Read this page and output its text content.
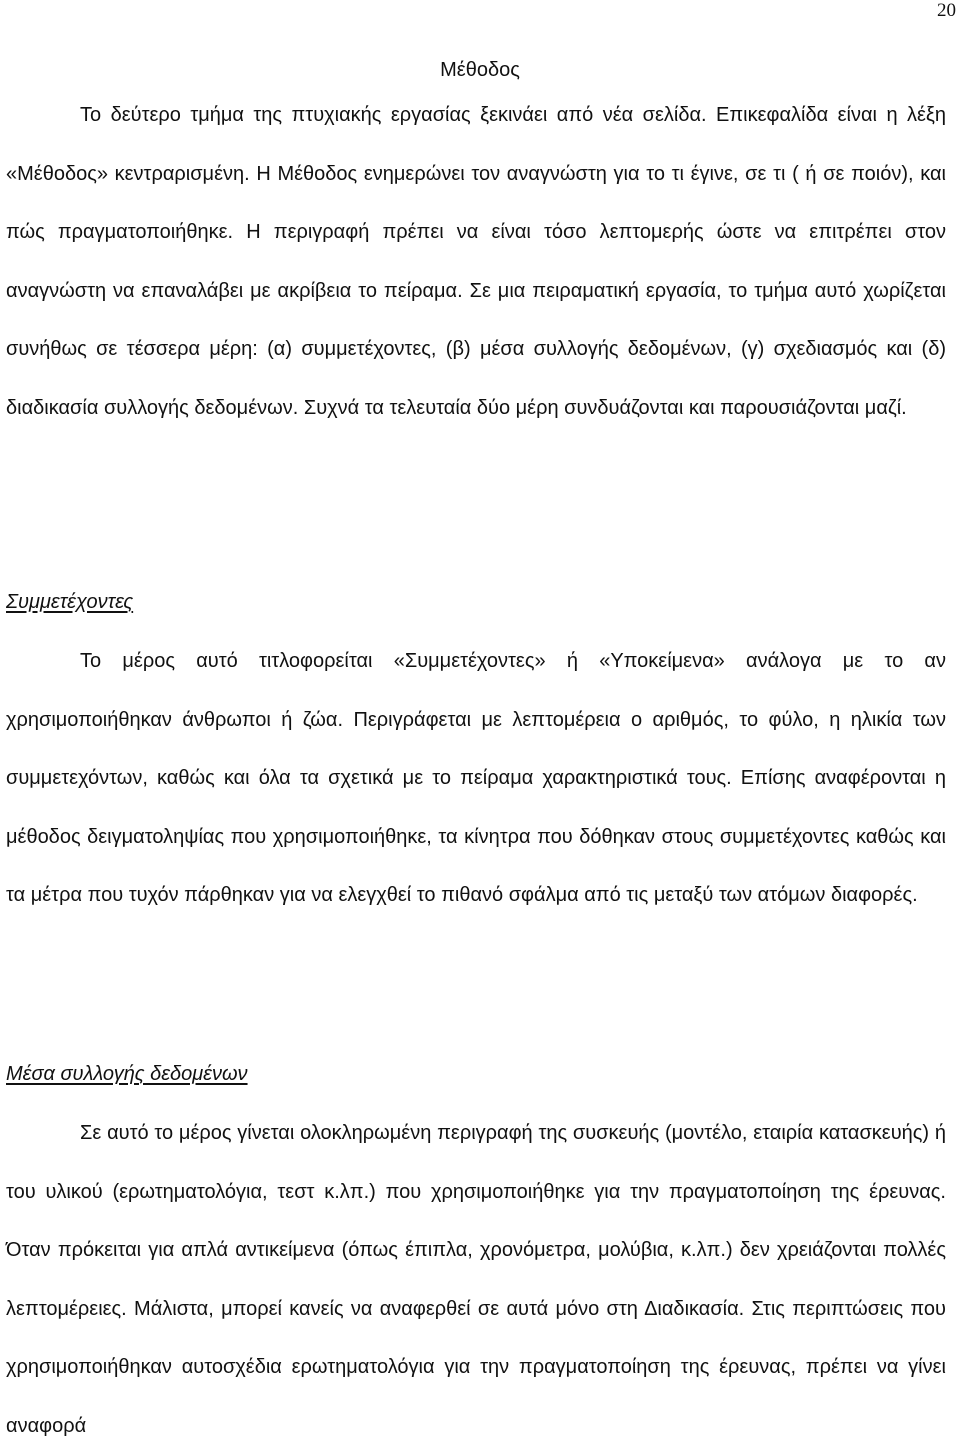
20
Μέθοδος

Το δεύτερο τμήμα της πτυχιακής εργασίας ξεκινάει από νέα σελίδα. Επικεφαλίδα είναι η λέξη «Μέθοδος» κεντραρισμένη. Η Μέθοδος ενημερώνει τον αναγνώστη για το τι έγινε, σε τι ( ή σε ποιόν), και πώς πραγματοποιήθηκε. Η περιγραφή πρέπει να είναι τόσο λεπτομερής ώστε να επιτρέπει στον αναγνώστη να επαναλάβει με ακρίβεια το πείραμα. Σε μια πειραματική εργασία, το τμήμα αυτό χωρίζεται συνήθως σε τέσσερα μέρη: (α) συμμετέχοντες, (β) μέσα συλλογής δεδομένων, (γ) σχεδιασμός και (δ) διαδικασία συλλογής δεδομένων. Συχνά τα τελευταία δύο μέρη συνδυάζονται και παρουσιάζονται μαζί.

Συμμετέχοντες

Το μέρος αυτό τιτλοφορείται «Συμμετέχοντες» ή «Υποκείμενα» ανάλογα με το αν χρησιμοποιήθηκαν άνθρωποι ή ζώα. Περιγράφεται με λεπτομέρεια ο αριθμός, το φύλο, η ηλικία των συμμετεχόντων, καθώς και όλα τα σχετικά με το πείραμα χαρακτηριστικά τους. Επίσης αναφέρονται η μέθοδος δειγματοληψίας που χρησιμοποιήθηκε, τα κίνητρα που δόθηκαν στους συμμετέχοντες καθώς και τα μέτρα που τυχόν πάρθηκαν για να ελεγχθεί το πιθανό σφάλμα από τις μεταξύ των ατόμων διαφορές.

Μέσα συλλογής δεδομένων

Σε αυτό το μέρος γίνεται ολοκληρωμένη περιγραφή της συσκευής (μοντέλο, εταιρία κατασκευής) ή του υλικού (ερωτηματολόγια, τεστ κ.λπ.) που χρησιμοποιήθηκε για την πραγματοποίηση της έρευνας. Όταν πρόκειται για απλά αντικείμενα (όπως έπιπλα, χρονόμετρα, μολύβια, κ.λπ.) δεν χρειάζονται πολλές λεπτομέρειες. Μάλιστα, μπορεί κανείς να αναφερθεί σε αυτά μόνο στη Διαδικασία. Στις περιπτώσεις που χρησιμοποιήθηκαν αυτοσχέδια ερωτηματολόγια για την πραγματοποίηση της έρευνας, πρέπει να γίνει αναφορά
